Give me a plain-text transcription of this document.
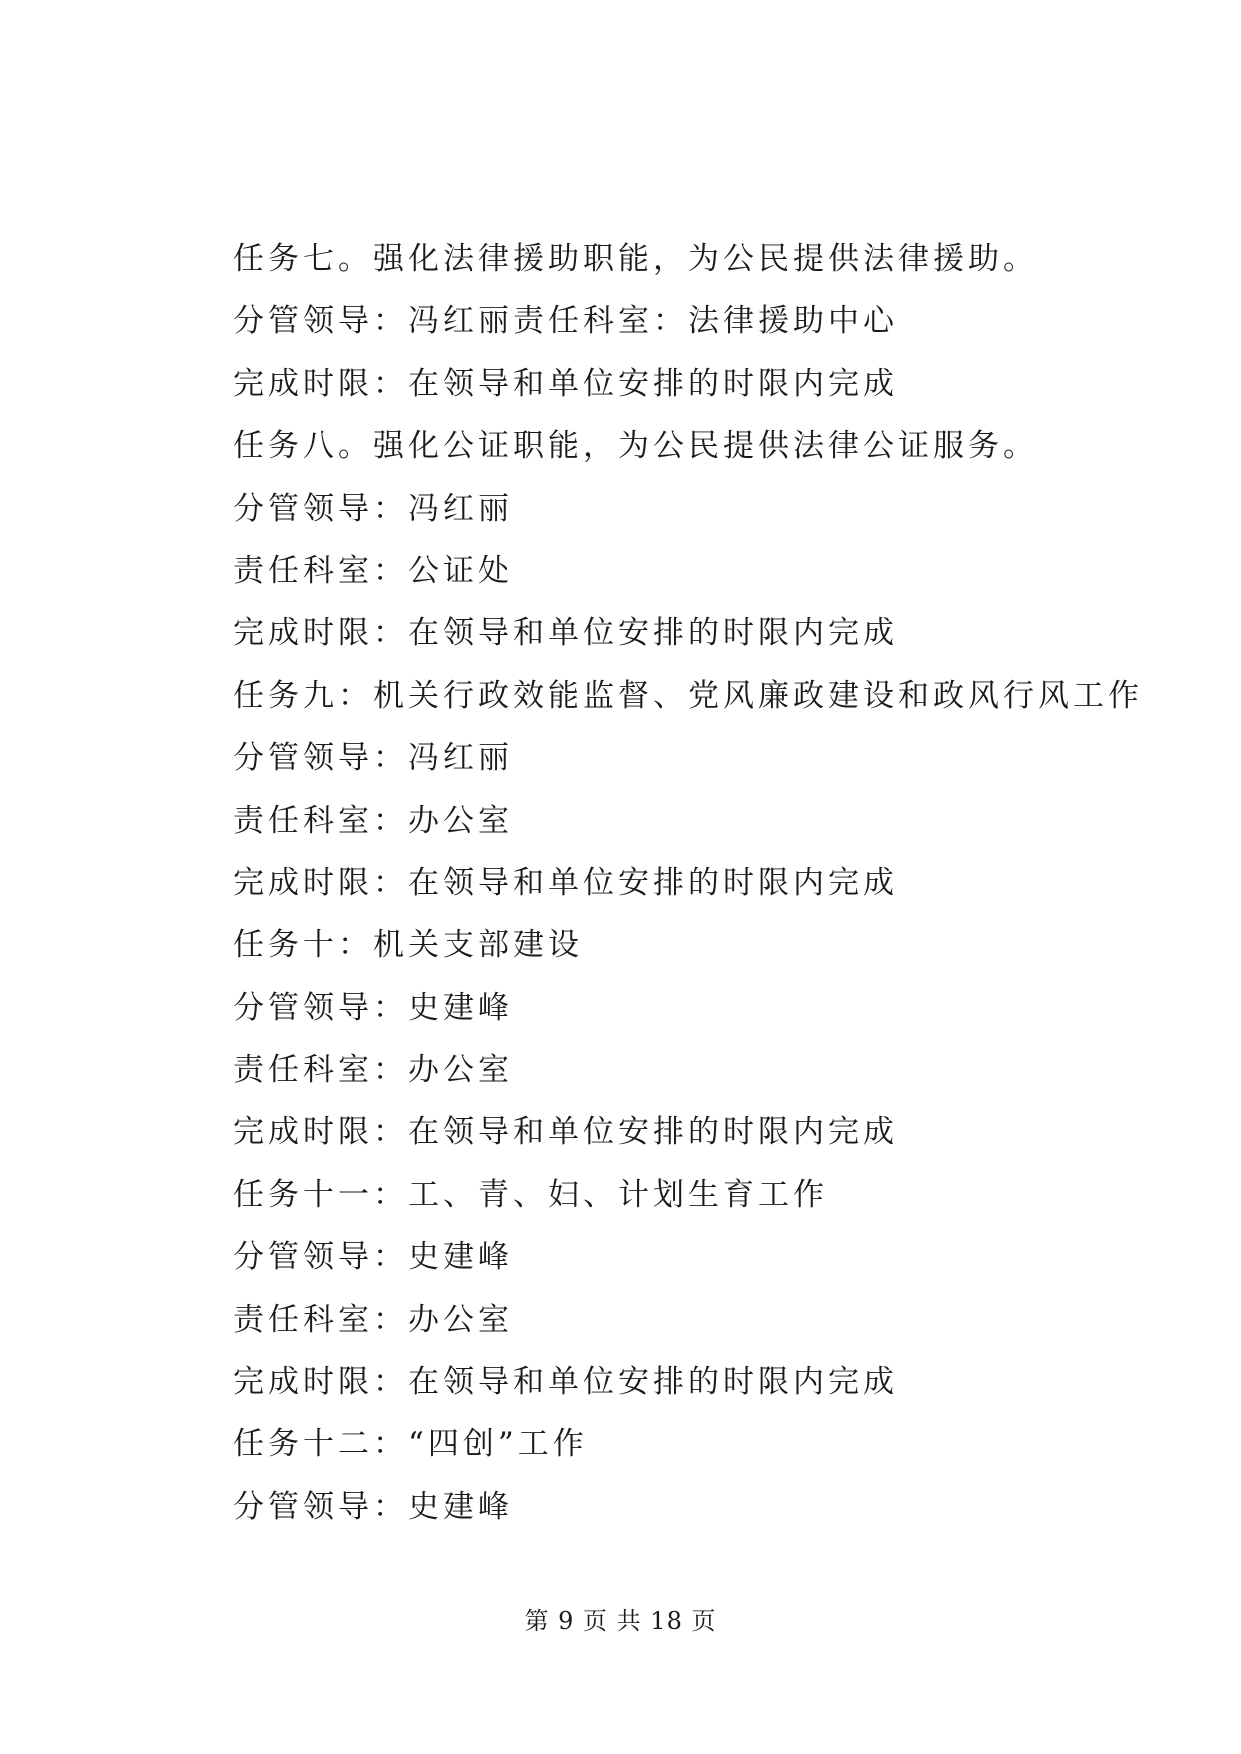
任务七。强化法律援助职能，为公民提供法律援助。
分管领导：冯红丽责任科室：法律援助中心
完成时限：在领导和单位安排的时限内完成
任务八。强化公证职能，为公民提供法律公证服务。
分管领导：冯红丽
责任科室：公证处
完成时限：在领导和单位安排的时限内完成
任务九：机关行政效能监督、党风廉政建设和政风行风工作
分管领导：冯红丽
责任科室：办公室
完成时限：在领导和单位安排的时限内完成
任务十：机关支部建设
分管领导：史建峰
责任科室：办公室
完成时限：在领导和单位安排的时限内完成
任务十一：工、青、妇、计划生育工作
分管领导：史建峰
责任科室：办公室
完成时限：在领导和单位安排的时限内完成
任务十二：“四创”工作
分管领导：史建峰
第 9 页 共 18 页
